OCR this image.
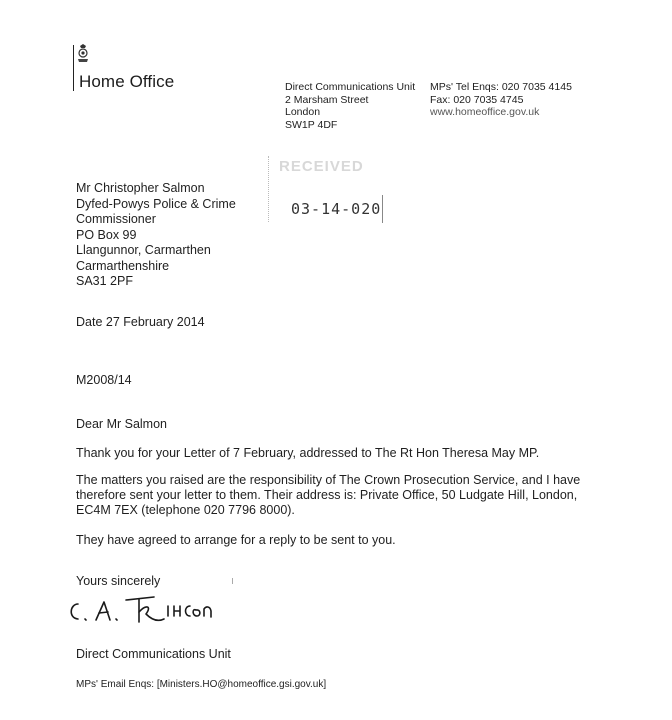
Home Office	Direct Communications Unit
2 Marsham Street
London
SW1P 4DF
MPs' Tel Enqs: 020 7035 4145
Fax: 020 7035 4745
www.homeoffice.gov.uk
RECEIVED
03-14-020
Mr Christopher Salmon
Dyfed-Powys Police & Crime
Commissioner
PO Box 99
Llangunnor, Carmarthen
Carmarthenshire
SA31 2PF
Date 27 February 2014
M2008/14
Dear Mr Salmon
Thank you for your Letter of 7 February, addressed to The Rt Hon Theresa May MP.
The matters you raised are the responsibility of The Crown Prosecution Service, and I have therefore sent your letter to them. Their address is: Private Office, 50 Ludgate Hill, London, EC4M 7EX (telephone 020 7796 8000).
They have agreed to arrange for a reply to be sent to you.
Yours sincerely
Direct Communications Unit
MPs' Email Enqs: [Ministers.HO@homeoffice.gsi.gov.uk]
